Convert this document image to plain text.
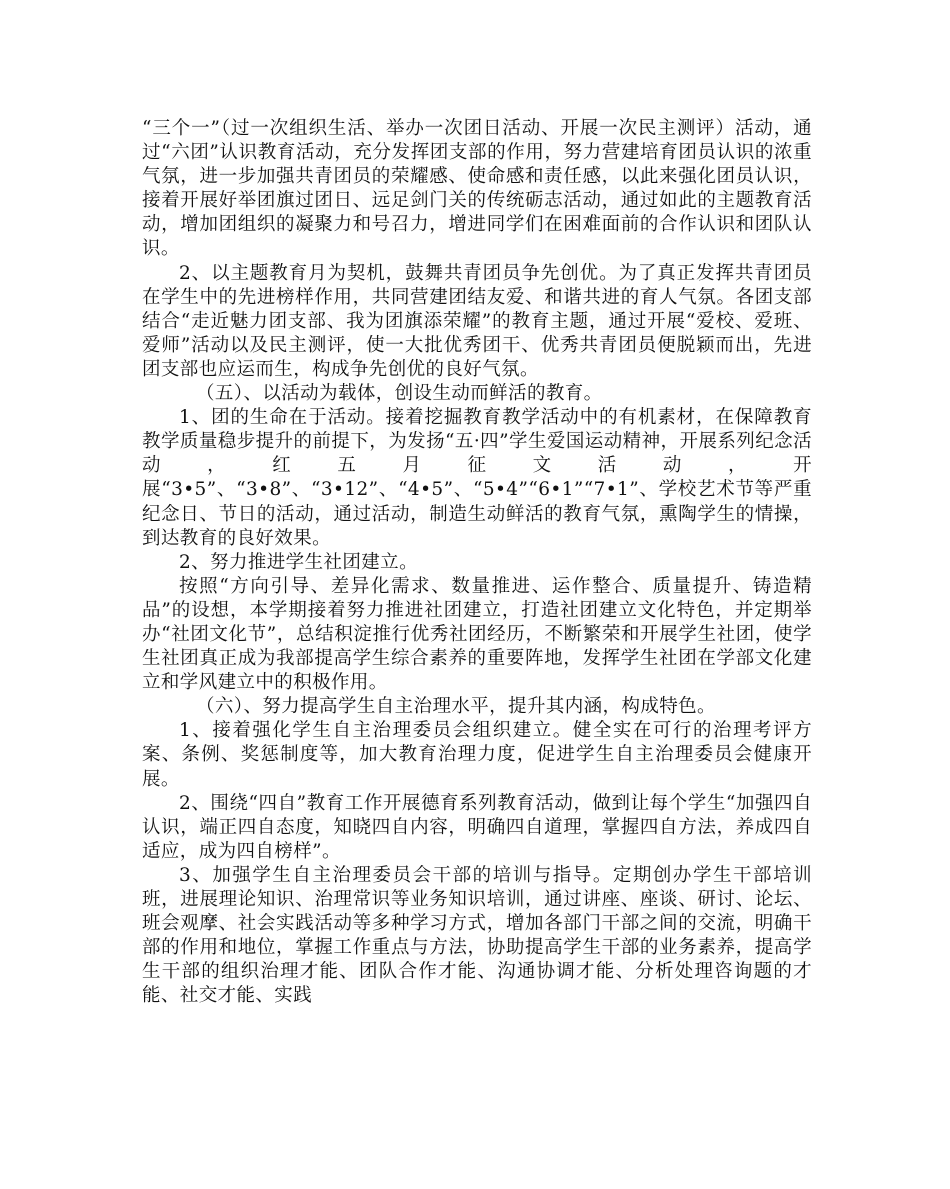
“三个一”（过一次组织生活、举办一次团日活动、开展一次民主测评）活动，通过“六团”认识教育活动，充分发挥团支部的作用，努力营建培育团员认识的浓重气氛，进一步加强共青团员的荣耀感、使命感和责任感，以此来强化团员认识，接着开展好举团旗过团日、远足剑门关的传统砺志活动，通过如此的主题教育活动，增加团组织的凝聚力和号召力，增进同学们在困难面前的合作认识和团队认识。

2、以主题教育月为契机，鼓舞共青团员争先创优。为了真正发挥共青团员在学生中的先进榜样作用，共同营建团结友爱、和谐共进的育人气氛。各团支部结合“走近魅力团支部、我为团旗添荣耀”的教育主题，通过开展“爱校、爱班、爱师”活动以及民主测评，使一大批优秀团干、优秀共青团员便脱颖而出，先进团支部也应运而生，构成争先创优的良好气氛。

（五）、以活动为载体，创设生动而鲜活的教育。

1、团的生命在于活动。接着挖掘教育教学活动中的有机素材，在保障教育教学质量稳步提升的前提下，为发扬“五·四”学生爱国运动精神，开展系列纪念活动，红五月征文活动，开展“3•5”、“3•8”、“3•12”、“4•5”、“5•4”“6•1”“7•1”、学校艺术节等严重纪念日、节日的活动，通过活动，制造生动鲜活的教育气氛，熏陶学生的情操，到达教育的良好效果。

2、努力推进学生社团建立。

按照“方向引导、差异化需求、数量推进、运作整合、质量提升、铸造精品”的设想，本学期接着努力推进社团建立，打造社团建立文化特色，并定期举办“社团文化节”，总结积淀推行优秀社团经历，不断繁荣和开展学生社团，使学生社团真正成为我部提高学生综合素养的重要阵地，发挥学生社团在学部文化建立和学风建立中的积极作用。

（六）、努力提高学生自主治理水平，提升其内涵，构成特色。

1、接着强化学生自主治理委员会组织建立。健全实在可行的治理考评方案、条例、奖惩制度等，加大教育治理力度，促进学生自主治理委员会健康开展。

2、围绕“四自”教育工作开展德育系列教育活动，做到让每个学生“加强四自认识，端正四自态度，知晓四自内容，明确四自道理，掌握四自方法，养成四自适应，成为四自榜样”。

3、加强学生自主治理委员会干部的培训与指导。定期创办学生干部培训班，进展理论知识、治理常识等业务知识培训，通过讲座、座谈、研讨、论坛、班会观摩、社会实践活动等多种学习方式，增加各部门干部之间的交流，明确干部的作用和地位，掌握工作重点与方法，协助提高学生干部的业务素养，提高学生干部的组织治理才能、团队合作才能、沟通协调才能、分析处理咨询题的才能、社交才能、实践
